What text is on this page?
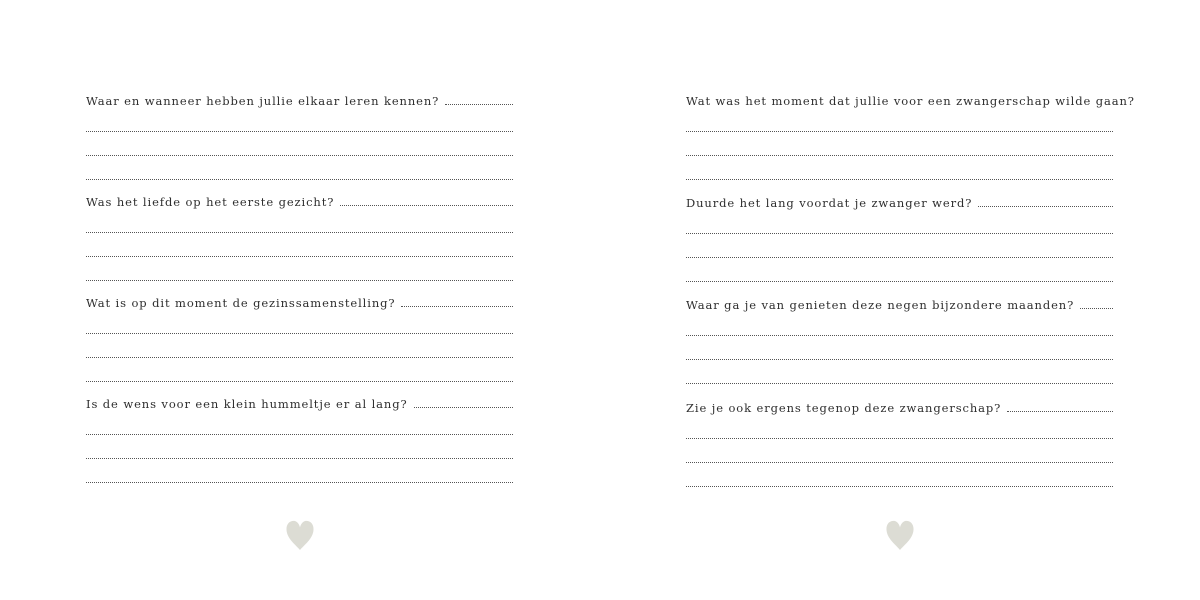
Waar en wanneer hebben jullie elkaar leren kennen?
Was het liefde op het eerste gezicht?
Wat is op dit moment de gezinssamenstelling?
Is de wens voor een klein hummeltje er al lang?
Wat was het moment dat jullie voor een zwangerschap wilde gaan?
Duurde het lang voordat je zwanger werd?
Waar ga je van genieten deze negen bijzondere maanden?
Zie je ook ergens tegenop deze zwangerschap?
